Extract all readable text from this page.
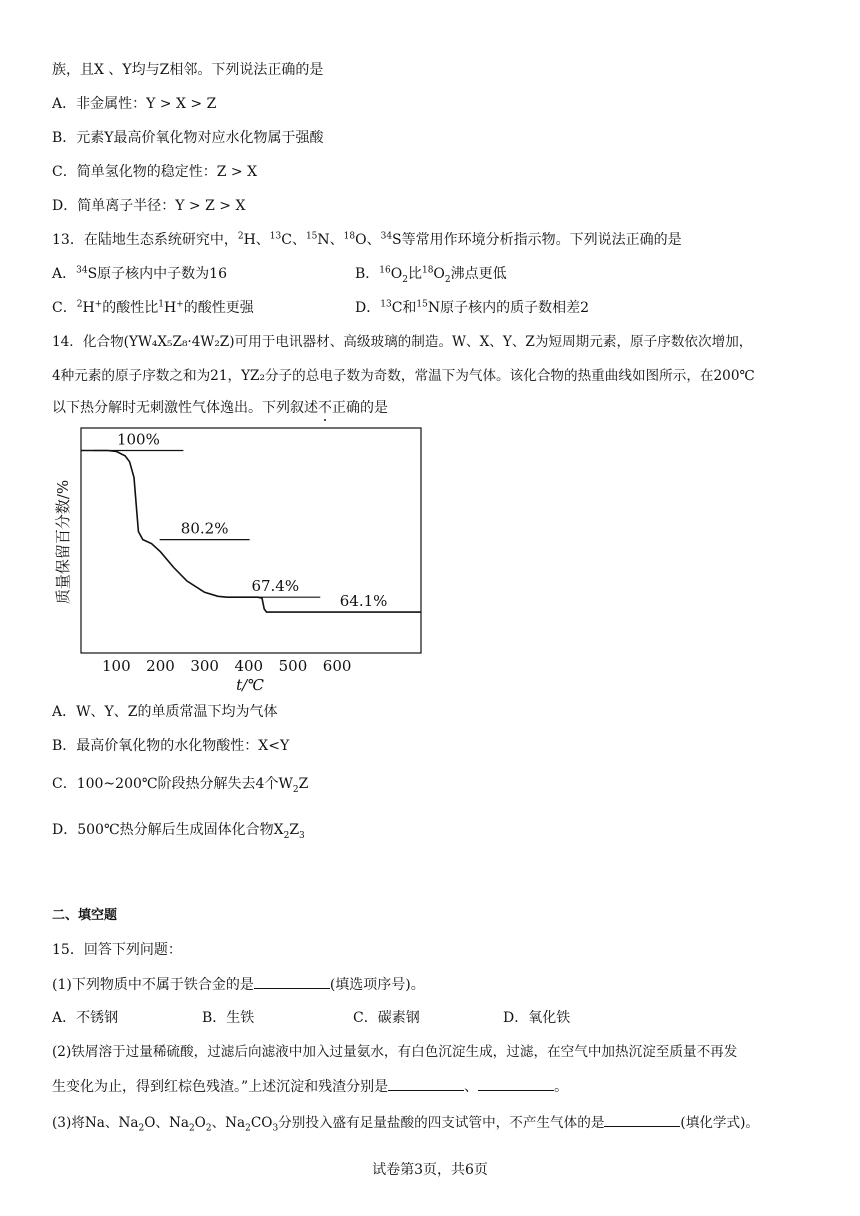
族，且X 、Y均与Z相邻。下列说法正确的是
A．非金属性：Y > X > Z
B．元素Y最高价氧化物对应水化物属于强酸
C．简单氢化物的稳定性：Z > X
D．简单离子半径：Y > Z > X
13．在陆地生态系统研究中，$^2$H、$^{13}$C、$^{15}$N、$^{18}$O、$^{34}$S等常用作环境分析指示物。下列说法正确的是
A．$^{34}$S原子核内中子数为16	B．$^{16}O_2$比$^{18}O_2$沸点更低
C．$^2$H+的酸性比$^1$H+的酸性更强	D．$^{13}$C和$^{15}$N原子核内的质子数相差2
14．化合物(YW₄X₅Z₈·4W₂Z)可用于电讯器材、高级玻璃的制造。W、X、Y、Z为短周期元素，原子序数依次增加，
4种元素的原子序数之和为21，YZ₂分子的总电子数为奇数，常温下为气体。该化合物的热重曲线如图所示，在200℃
以下热分解时无刺激性气体逸出。下列叙述不正确的是
100 200 300 400 500 600
质量保留百分数/%
t/℃
100%
80.2%
67.4%
64.1%
A．W、Y、Z的单质常温下均为气体
B．最高价氧化物的水化物酸性：X<Y
C．100~200℃阶段热分解失去4个$W_2Z$
D．500℃热分解后生成固体化合物$X_2Z_3$
二、填空题
15．回答下列问题：
(1)下列物质中不属于铁合金的是	(填选项序号)。
A．不锈钢	B．生铁	C．碳素钢	D．氧化铁
(2)铁屑溶于过量稀硫酸，过滤后向滤液中加入过量氨水，有白色沉淀生成，过滤，在空气中加热沉淀至质量不再发
生变化为止，得到红棕色残渣。”上述沉淀和残渣分别是	、	。
(3)将Na、$Na_2O$、$Na_2O_2$、$Na_2CO_3$分别投入盛有足量盐酸的四支试管中，不产生气体的是	(填化学式)。
试卷第3页，共6页
